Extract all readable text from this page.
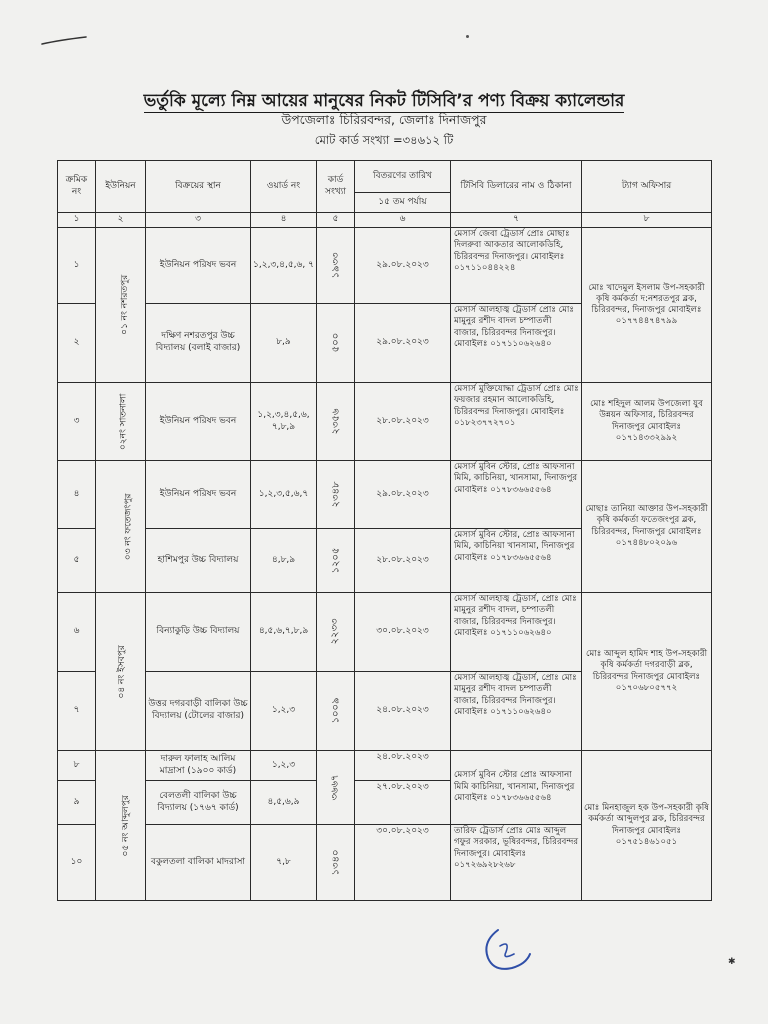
ভর্তুকি মূল্যে নিম্ন আয়ের মানুষের নিকট টিসিবি’র পণ্য বিক্রয় ক্যালেন্ডার
উপজেলাঃ চিরিরবন্দর, জেলাঃ দিনাজপুর
মোট কার্ড সংখ্যা =৩৪৬১২ টি
ক্রমিক নং	ইউনিয়ন	বিক্রয়ের স্থান	ওয়ার্ড নং	কার্ড সংখ্যা	বিতরণের তারিখ	টিসিবি ডিলারের নাম ও ঠিকানা	ট্যাগ অফিসার
					১৫ তম পর্যায়		
১	২	৩	৪	৫	৬	৭	৮
১	০১ নং নশরতপুর	ইউনিয়ন পরিষদ ভবন	১,২,৩,৪,৫,৬, ৭	১৯৩৩	২৯.০৮.২০২৩	মেসার্স জেবা ট্রেডার্স প্রোঃ মোছাঃ দিলরুবা আকতার আলোকডিহি, চিরিরবন্দর দিনাজপুর। মোবাইলঃ ০১৭১১০৪৪২২৪	মোঃ খাদেমুল ইসলাম উপ-সহকারী কৃষি কর্মকর্তা দ:নশরতপুর ব্লক, চিরিরবন্দর, দিনাজপুর মোবাইলঃ ০১৭৭৪৪৭৪৭৯৯
২		দক্ষিণ নশরতপুর উচ্চ বিদ্যালয় (বলাই বাজার)	৮,৯	৫০০	২৯.০৮.২০২৩	মেসার্স আলহাজ্ব ট্রেডার্স প্রোঃ মোঃ মামুনুর রশীদ বাদল চম্পাতলী বাজার, চিরিরবন্দর দিনাজপুর। মোবাইলঃ ০১৭১১০৬২৬৪০	
৩	০২নং সাতনালা	ইউনিয়ন পরিষদ ভবন	১,২,৩,৪,৫,৬, ৭,৮,৯	২৩৫৬	২৮.০৮.২০২৩	মেসার্স মুক্তিযোদ্ধা ট্রেডার্স প্রোঃ মোঃ ফয়জার রহমান আলোকডিহি, চিরিরবন্দর দিনাজপুর। মোবাইলঃ ০১৮২৩৭৭২৭০১	মোঃ শহিদুল আলম উপজেলা যুব উন্নয়ন অফিসার, চিরিরবন্দর দিনাজপুর মোবাইলঃ ০১৭১৪৩৩২৯৯২
৪	০৩ নং ফতেজংপুর	ইউনিয়ন পরিষদ ভবন	১,২,৩,৫,৬,৭	২৩৪৮	২৯.০৮.২০২৩	মেসার্স মুবিন স্টোর, প্রোঃ আফসানা মিমি, কাচিনিয়া, খানসামা, দিনাজপুর মোবাইলঃ ০১৭৮৩৬৬৫৫৬৪	মোছাঃ তানিয়া আক্তার উপ-সহকারী কৃষি কর্মকর্তা ফতেজংপুর ব্লক, চিরিরবন্দর, দিনাজপুর মোবাইলঃ ০১৭৪৪৮০২০৯৬
৫		হাশিমপুর উচ্চ বিদ্যালয়	৪,৮,৯	১২০৫	২৮.০৮.২০২৩	মেসার্স মুবিন স্টোর, প্রোঃ আফসানা মিমি, কাচিনিয়া খানসামা, দিনাজপুর মোবাইলঃ ০১৭৮৩৬৬৫৫৬৪	
৬	০৪ নং ইসবপুর	বিন্যাকুড়ি উচ্চ বিদ্যালয়	৪,৫,৬,৭,৮,৯	২২৩৩	৩০.০৮.২০২৩	মেসার্স আলহাজ্ব ট্রেডার্স, প্রোঃ মোঃ মামুনুর রশীদ বাদল, চম্পাতলী বাজার, চিরিরবন্দর দিনাজপুর। মোবাইলঃ ০১৭১১০৬২৬৪০	মোঃ আব্দুল হামিদ শাহ উপ-সহকারী কৃষি কর্মকর্তা দগরবাড়ী ব্লক, চিরিরবন্দর দিনাজপুর মোবাইলঃ ০১৭০৬৮০৫৭৭২
৭		উত্তর দগরবাড়ী বালিকা উচ্চ বিদ্যালয় (টোলের বাজার)	১,২,৩	১০০৯	২৪.০৮.২০২৩	মেসার্স আলহাজ্ব ট্রেডার্স, প্রোঃ মোঃ মামুনুর রশীদ বাদল চম্পাতলী বাজার, চিরিরবন্দর দিনাজপুর। মোবাইলঃ ০১৭১১০৬২৬৪০	
৮	০৫ নং আব্দুলপুর	দারুল ফালাহ আলিম মাদ্রাসা (১৯০০ কার্ড)	১,২,৩	৩৬৬৭	২৪.০৮.২০২৩	মেসার্স মুবিন স্টোর প্রোঃ আফসানা মিমি কাচিনিয়া, খানসামা, দিনাজপুর মোবাইলঃ ০১৭৮৩৬৬৫৫৬৪	মোঃ মিনহাজুল হক উপ-সহকারী কৃষি কর্মকর্তা আব্দুলপুর ব্লক, চিরিরবন্দর দিনাজপুর মোবাইলঃ ০১৭৫১৪৬১০৫১
৯		বেলতলী বালিকা উচ্চ বিদ্যালয় (১৭৬৭ কার্ড)	৪,৫,৬,৯		২৭.০৮.২০২৩		
১০		বকুলতলা বালিকা মাদরাসা	৭,৮	১৩৪০	৩০.০৮.২০২৩	তারিফ ট্রেডার্স প্রোঃ মোঃ আব্দুল গফুর সরকার, ভূষিরবন্দর, চিরিরবন্দর দিনাজপুর। মোবাইলঃ ০১৭২৬৯২৮২৬৮	
✱
